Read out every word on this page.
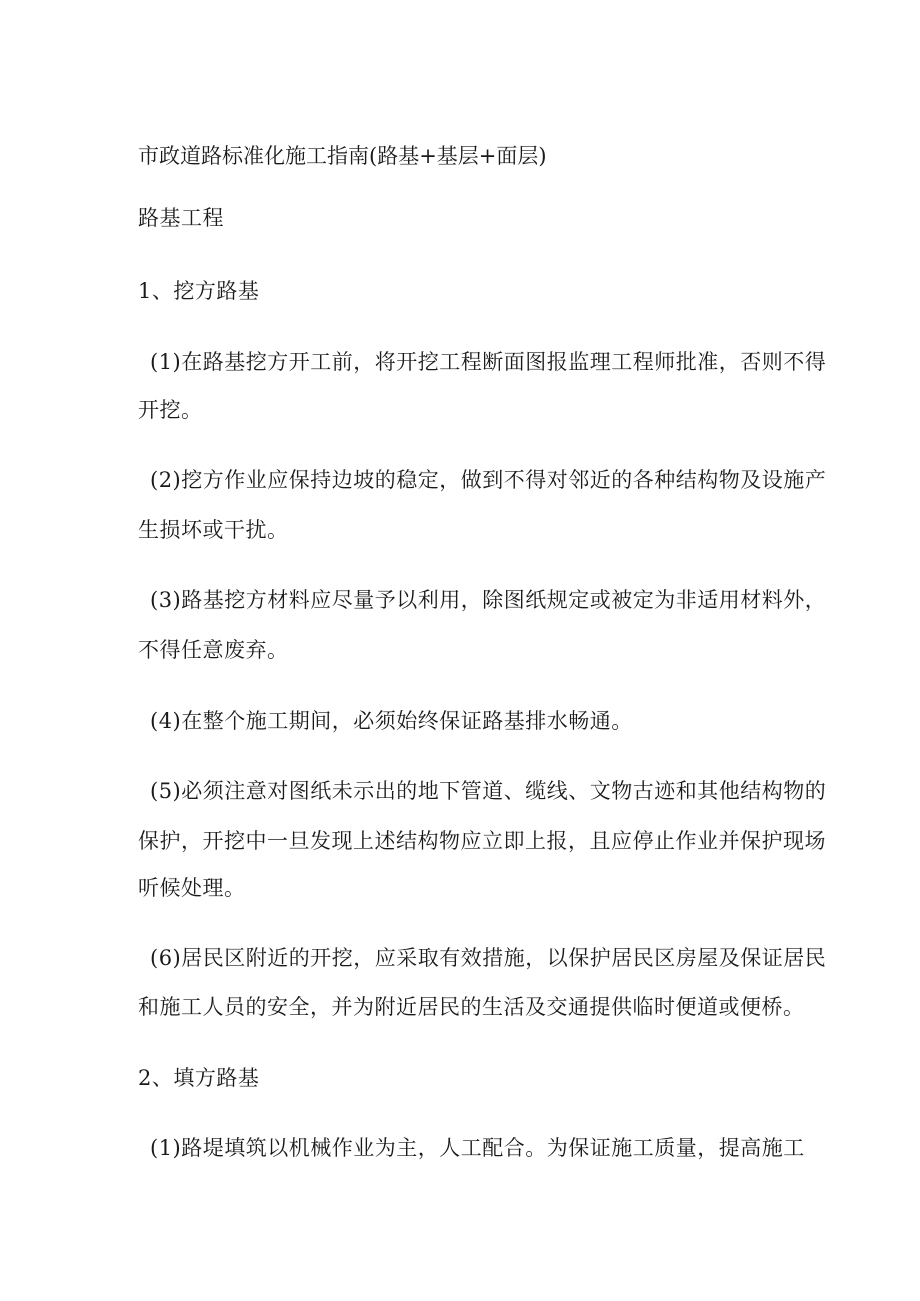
市政道路标准化施工指南(路基+基层+面层)
路基工程
1、挖方路基
(1)在路基挖方开工前，将开挖工程断面图报监理工程师批准，否则不得
开挖。
(2)挖方作业应保持边坡的稳定，做到不得对邻近的各种结构物及设施产
生损坏或干扰。
(3)路基挖方材料应尽量予以利用，除图纸规定或被定为非适用材料外，
不得任意废弃。
(4)在整个施工期间，必须始终保证路基排水畅通。
(5)必须注意对图纸未示出的地下管道、缆线、文物古迹和其他结构物的
保护，开挖中一旦发现上述结构物应立即上报，且应停止作业并保护现场
听候处理。
(6)居民区附近的开挖，应采取有效措施，以保护居民区房屋及保证居民
和施工人员的安全，并为附近居民的生活及交通提供临时便道或便桥。
2、填方路基
(1)路堤填筑以机械作业为主，人工配合。为保证施工质量，提高施工
